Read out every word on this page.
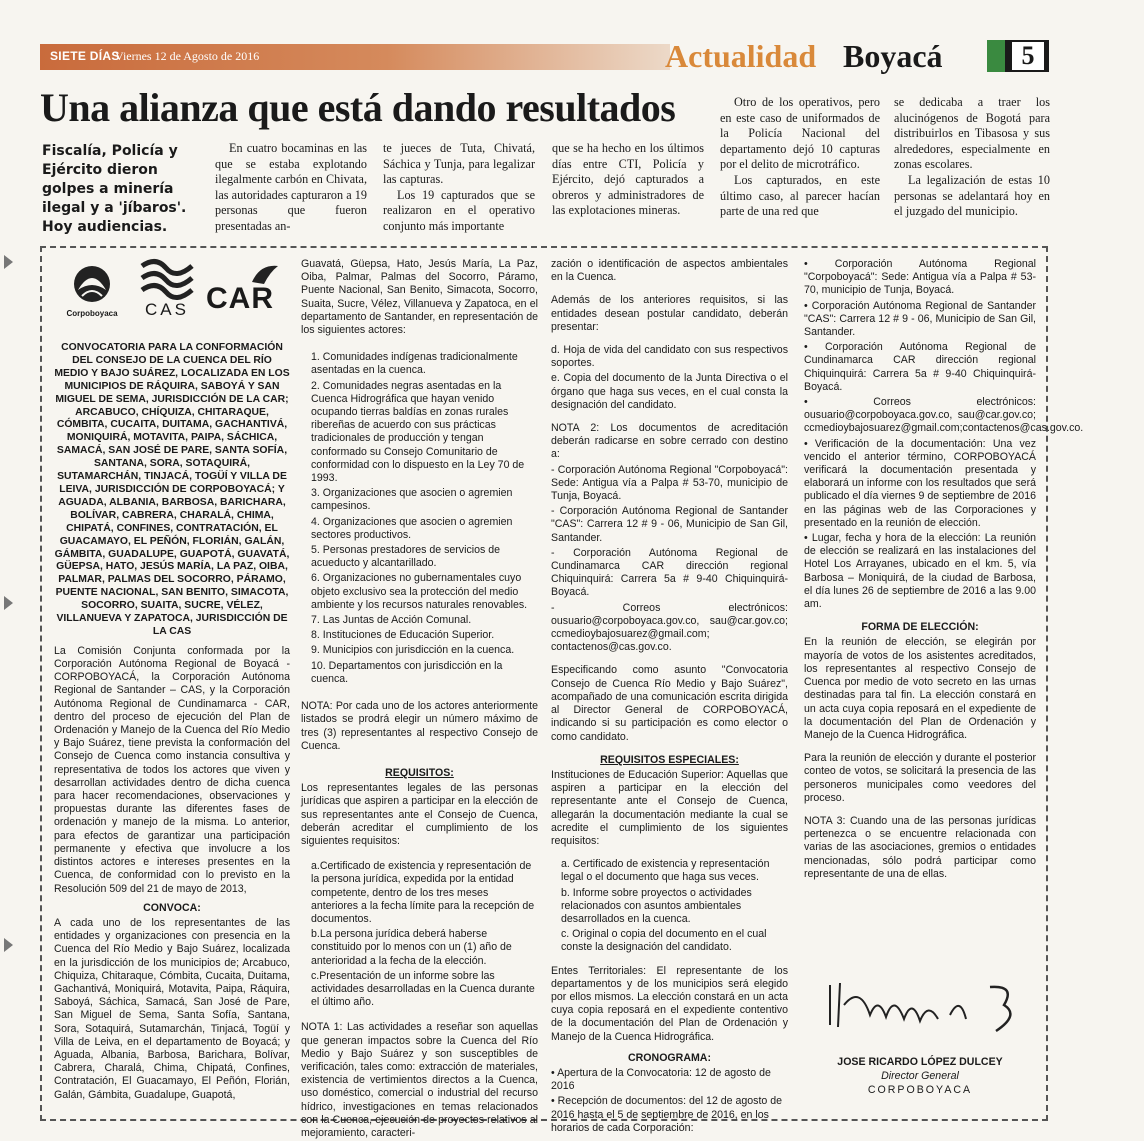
SIETE DÍAS
Viernes 12 de Agosto de 2016	Actualidad Boyacá	5
Una alianza que está dando resultados
Fiscalía, Policía y Ejército dieron golpes a minería ilegal y a 'jíbaros'. Hoy audiencias.

En cuatro bocaminas en las que se estaba explotando ilegalmente carbón en Chivata, las autoridades capturaron a 19 personas que fueron presentadas an-

te jueces de Tuta, Chivatá, Sáchica y Tunja, para legalizar las capturas.

Los 19 capturados que se realizaron en el operativo conjunto más importante

que se ha hecho en los últimos días entre CTI, Policía y Ejército, dejó capturados a obreros y administradores de las explotaciones mineras.

Otro de los operativos, pero en este caso de uniformados de la Policía Nacional del departamento dejó 10 capturas por el delito de microtráfico.

Los capturados, en este último caso, al parecer hacían parte de una red que

se dedicaba a traer los alucinógenos de Bogotá para distribuirlos en Tibasosa y sus alrededores, especialmente en zonas escolares.

La legalización de estas 10 personas se adelantará hoy en el juzgado del municipio.

Corpoboyaca	CAS CAR

CONVOCATORIA PARA LA CONFORMACIÓN DEL CONSEJO DE LA CUENCA DEL RÍO MEDIO Y BAJO SUÁREZ, LOCALIZADA EN LOS MUNICIPIOS DE RÁQUIRA, SABOYÁ Y SAN MIGUEL DE SEMA, JURISDICCIÓN DE LA CAR; ARCABUCO, CHÍQUIZA, CHITARAQUE, CÓMBITA, CUCAITA, DUITAMA, GACHANTIVÁ, MONIQUIRÁ, MOTAVITA, PAIPA, SÁCHICA, SAMACÁ, SAN JOSÉ DE PARE, SANTA SOFÍA, SANTANA, SORA, SOTAQUIRÁ, SUTAMARCHÁN, TINJACÁ, TOGÜÍ Y VILLA DE LEIVA, JURISDICCIÓN DE CORPOBOYACÁ; Y AGUADA, ALBANIA, BARBOSA, BARICHARA, BOLÍVAR, CABRERA, CHARALÁ, CHIMA, CHIPATÁ, CONFINES, CONTRATACIÓN, EL GUACAMAYO, EL PEÑÓN, FLORIÁN, GALÁN, GÁMBITA, GUADALUPE, GUAPOTÁ, GUAVATÁ, GÜEPSA, HATO, JESÚS MARÍA, LA PAZ, OIBA, PALMAR, PALMAS DEL SOCORRO, PÁRAMO, PUENTE NACIONAL, SAN BENITO, SIMACOTA, SOCORRO, SUAITA, SUCRE, VÉLEZ, VILLANUEVA Y ZAPATOCA, JURISDICCIÓN DE LA CAS

La Comisión Conjunta conformada por la Corporación Autónoma Regional de Boyacá - CORPOBOYACÁ, la Corporación Autónoma Regional de Santander – CAS, y la Corporación Autónoma Regional de Cundinamarca - CAR, dentro del proceso de ejecución del Plan de Ordenación y Manejo de la Cuenca del Río Medio y Bajo Suárez, tiene prevista la conformación del Consejo de Cuenca como instancia consultiva y representativa de todos los actores que viven y desarrollan actividades dentro de dicha cuenca para hacer recomendaciones, observaciones y propuestas durante las diferentes fases de ordenación y manejo de la misma. Lo anterior, para efectos de garantizar una participación permanente y efectiva que involucre a los distintos actores e intereses presentes en la Cuenca, de conformidad con lo previsto en la Resolución 509 del 21 de mayo de 2013,

CONVOCA:

A cada uno de los representantes de las entidades y organizaciones con presencia en la Cuenca del Río Medio y Bajo Suárez, localizada en la jurisdicción de los municipios de; Arcabuco, Chiquiza, Chitaraque, Cómbita, Cucaita, Duitama, Gachantivá, Moniquirá, Motavita, Paipa, Ráquira, Saboyá, Sáchica, Samacá, San José de Pare, San Miguel de Sema, Santa Sofía, Santana, Sora, Sotaquirá, Sutamarchán, Tinjacá, Togüí y Villa de Leiva, en el departamento de Boyacá; y Aguada, Albania, Barbosa, Barichara, Bolívar, Cabrera, Charalá, Chima, Chipatá, Confines, Contratación, El Guacamayo, El Peñón, Florián, Galán, Gámbita, Guadalupe, Guapotá,

Guavatá, Güepsa, Hato, Jesús María, La Paz, Oiba, Palmar, Palmas del Socorro, Páramo, Puente Nacional, San Benito, Simacota, Socorro, Suaita, Sucre, Vélez, Villanueva y Zapatoca, en el departamento de Santander, en representación de los siguientes actores:

1. Comunidades indígenas tradicionalmente asentadas en la cuenca.

2. Comunidades negras asentadas en la Cuenca Hidrográfica que hayan venido ocupando tierras baldías en zonas rurales ribereñas de acuerdo con sus prácticas tradicionales de producción y tengan conformado su Consejo Comunitario de conformidad con lo dispuesto en la Ley 70 de 1993.

3. Organizaciones que asocien o agremien campesinos.

4. Organizaciones que asocien o agremien sectores productivos.

5. Personas prestadores de servicios de acueducto y alcantarillado.

6. Organizaciones no gubernamentales cuyo objeto exclusivo sea la protección del medio ambiente y los recursos naturales renovables.

7. Las Juntas de Acción Comunal.

8. Instituciones de Educación Superior.

9. Municipios con jurisdicción en la cuenca.

10. Departamentos con jurisdicción en la cuenca.

NOTA: Por cada uno de los actores anteriormente listados se prodrá elegir un número máximo de tres (3) representantes al respectivo Consejo de Cuenca.

REQUISITOS:

Los representantes legales de las personas jurídicas que aspiren a participar en la elección de sus representantes ante el Consejo de Cuenca, deberán acreditar el cumplimiento de los siguientes requisitos:

a.Certificado de existencia y representación de la persona jurídica, expedida por la entidad competente, dentro de los tres meses anteriores a la fecha límite para la recepción de documentos.

b.La persona jurídica deberá haberse constituido por lo menos con un (1) año de anterioridad a la fecha de la elección.

c.Presentación de un informe sobre las actividades desarrolladas en la Cuenca durante el último año.

NOTA 1: Las actividades a reseñar son aquellas que generan impactos sobre la Cuenca del Río Medio y Bajo Suárez y son susceptibles de verificación, tales como: extracción de materiales, existencia de vertimientos directos a la Cuenca, uso doméstico, comercial o industrial del recurso hídrico, investigaciones en temas relacionados con la Cuenca, ejecución de proyectos relativos al mejoramiento, caracteri-

zación o identificación de aspectos ambientales en la Cuenca.

Además de los anteriores requisitos, si las entidades desean postular candidato, deberán presentar:

d. Hoja de vida del candidato con sus respectivos soportes.

e. Copia del documento de la Junta Directiva o el órgano que haga sus veces, en el cual consta la designación del candidato.

NOTA 2: Los documentos de acreditación deberán radicarse en sobre cerrado con destino a:

- Corporación Autónoma Regional "Corpoboyacá": Sede: Antigua vía a Palpa # 53-70, municipio de Tunja, Boyacá.

- Corporación Autónoma Regional de Santander "CAS": Carrera 12 # 9 - 06, Municipio de San Gil, Santander.

- Corporación Autónoma Regional de Cundinamarca CAR dirección regional Chiquinquirá: Carrera 5a # 9-40 Chiquinquirá-Boyacá.

- Correos electrónicos: ousuario@corpoboyaca.gov.co, sau@car.gov.co; ccmedioybajosuarez@gmail.com; contactenos@cas.gov.co.

Especificando como asunto "Convocatoria Consejo de Cuenca Río Medio y Bajo Suárez", acompañado de una comunicación escrita dirigida al Director General de CORPOBOYACÁ, indicando si su participación es como elector o como candidato.

REQUISITOS ESPECIALES:

Instituciones de Educación Superior: Aquellas que aspiren a participar en la elección del representante ante el Consejo de Cuenca, allegarán la documentación mediante la cual se acredite el cumplimiento de los siguientes requisitos:

a. Certificado de existencia y representación legal o el documento que haga sus veces.

b. Informe sobre proyectos o actividades relacionados con asuntos ambientales desarrollados en la cuenca.

c. Original o copia del documento en el cual conste la designación del candidato.

Entes Territoriales: El representante de los departamentos y de los municipios será elegido por ellos mismos. La elección constará en un acta cuya copia reposará en el expediente contentivo de la documentación del Plan de Ordenación y Manejo de la Cuenca Hidrográfica.

CRONOGRAMA:

• Apertura de la Convocatoria: 12 de agosto de 2016

• Recepción de documentos: del 12 de agosto de 2016 hasta el 5 de septiembre de 2016, en los horarios de cada Corporación:

• Corporación Autónoma Regional "Corpoboyacá": Sede: Antigua vía a Palpa # 53-70, municipio de Tunja, Boyacá.

• Corporación Autónoma Regional de Santander "CAS": Carrera 12 # 9 - 06, Municipio de San Gil, Santander.

• Corporación Autónoma Regional de Cundinamarca CAR dirección regional Chiquinquirá: Carrera 5a # 9-40 Chiquinquirá-Boyacá.

• Correos electrónicos: ousuario@corpoboyaca.gov.co, sau@car.gov.co; ccmedioybajosuarez@gmail.com;contactenos@cas.gov.co.

• Verificación de la documentación: Una vez vencido el anterior término, CORPOBOYACÁ verificará la documentación presentada y elaborará un informe con los resultados que será publicado el día viernes 9 de septiembre de 2016 en las páginas web de las Corporaciones y presentado en la reunión de elección.

• Lugar, fecha y hora de la elección: La reunión de elección se realizará en las instalaciones del Hotel Los Arrayanes, ubicado en el km. 5, vía Barbosa – Moniquirá, de la ciudad de Barbosa, el día lunes 26 de septiembre de 2016 a las 9.00 am.

FORMA DE ELECCIÓN:

En la reunión de elección, se elegirán por mayoría de votos de los asistentes acreditados, los representantes al respectivo Consejo de Cuenca por medio de voto secreto en las urnas destinadas para tal fin. La elección constará en un acta cuya copia reposará en el expediente de la documentación del Plan de Ordenación y Manejo de la Cuenca Hidrográfica.

Para la reunión de elección y durante el posterior conteo de votos, se solicitará la presencia de las personeros municipales como veedores del proceso.

NOTA 3: Cuando una de las personas jurídicas pertenezca o se encuentre relacionada con varias de las asociaciones, gremios o entidades mencionadas, sólo podrá participar como representante de una de ellas.

JOSE RICARDO LÓPEZ DULCEY
Director General
CORPOBOYACA
